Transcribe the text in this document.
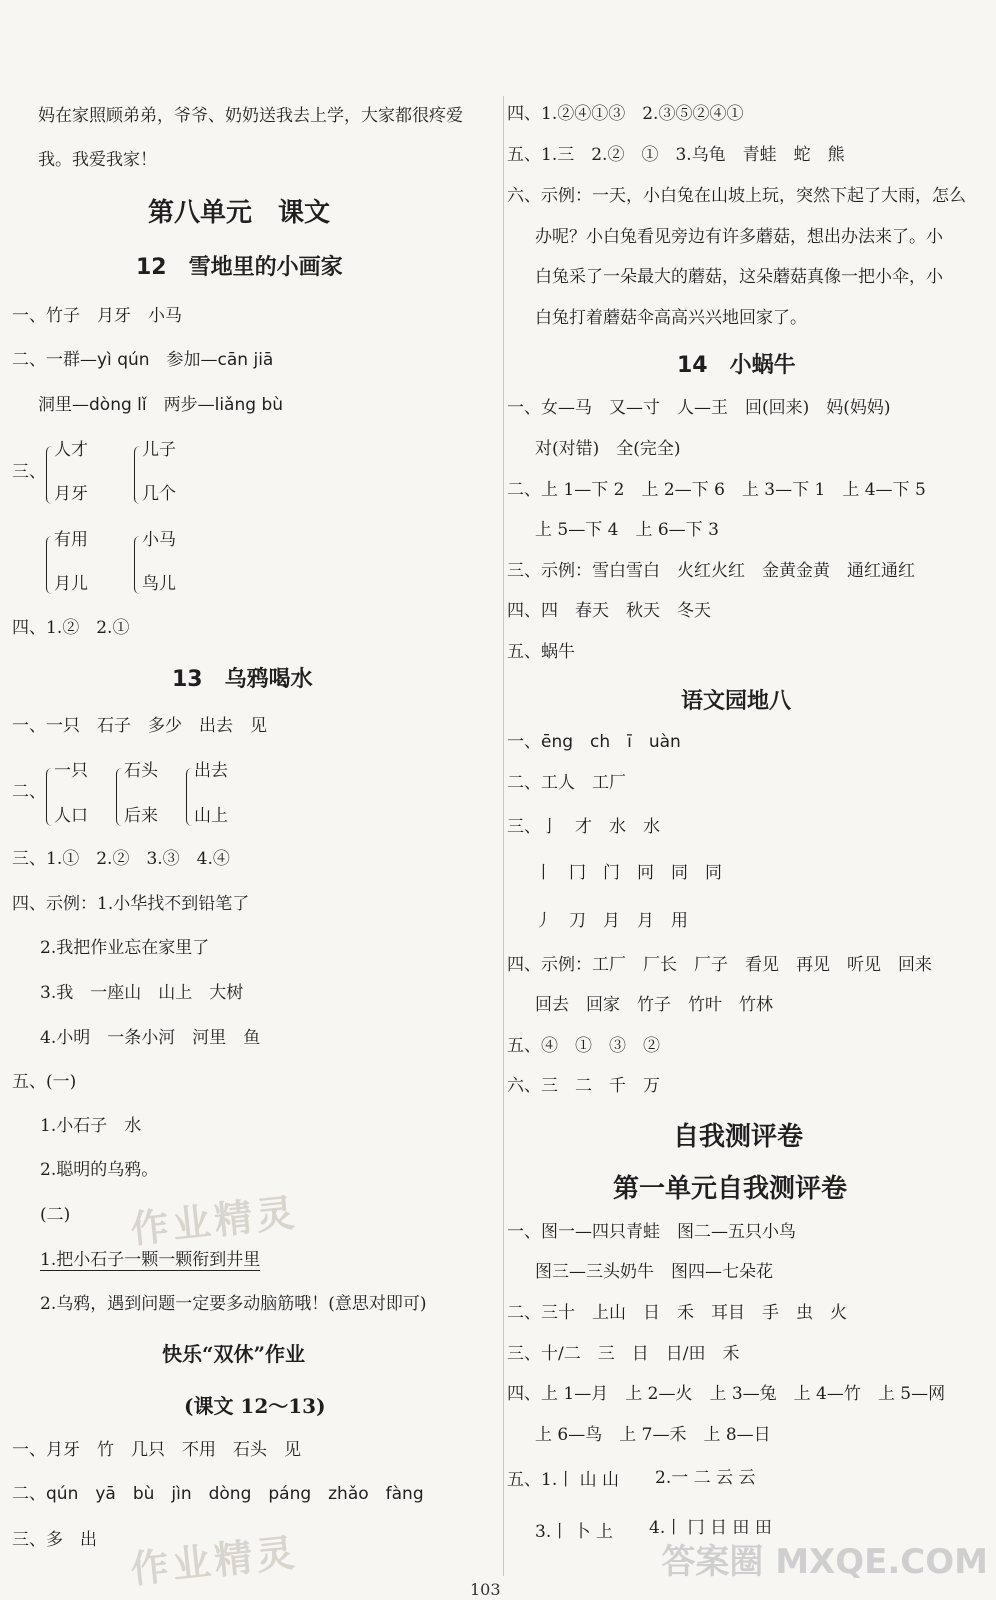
妈在家照顾弟弟，爷爷、奶奶送我去上学，大家都很疼爱
我。我爱我家！
第八单元　课文
12　雪地里的小画家
一、竹子　月牙　小马
二、一群—yì qún　 参加—cān jiā
洞里—dòng lǐ　 两步—liǎng bù
三、
人才
月牙
儿子
几个
有用
月儿
小马
鸟儿
四、1.②　2.①
13　乌鸦喝水
一、一只　石子　多少　出去　见
二、
一只
人口
石头
后来
出去
山上
三、1.①　2.②　3.③　4.④
四、示例：1.小华找不到铅笔了
2.我把作业忘在家里了
3.我　一座山　山上　大树
4.小明　一条小河　河里　鱼
五、(一)
1.小石子　水
2.聪明的乌鸦。
(二)
1.把小石子一颗一颗衔到井里
2.乌鸦，遇到问题一定要多动脑筋哦！(意思对即可)
快乐“双休”作业
(课文 12～13)
一、月牙　竹　几只　不用　石头　见
二、qún　yā　bù　jìn　dòng　páng　zhǎo　fàng
三、多　出
作业精灵
作业精灵
四、1.②④①③　2.③⑤②④①
五、1.三　2.②　①　3.乌龟　青蛙　蛇　熊
六、示例：一天，小白兔在山坡上玩，突然下起了大雨，怎么
办呢？小白兔看见旁边有许多蘑菇，想出办法来了。小
白兔采了一朵最大的蘑菇，这朵蘑菇真像一把小伞，小
白兔打着蘑菇伞高高兴兴地回家了。
14　小蜗牛
一、女—马　又—寸　人—王　回(回来)　妈(妈妈)
对(对错)　全(完全)
二、上 1—下 2　上 2—下 6　上 3—下 1　上 4—下 5
上 5—下 4　上 6—下 3
三、示例：雪白雪白　火红火红　金黄金黄　通红通红
四、四　春天　秋天　冬天
五、蜗牛
语文园地八
一、ēng　ch　ī　uàn
二、工人　工厂
三、亅　才　水　水
丨　冂　门　冋　同　同
丿　刀　月　月　用
四、示例：工厂　厂长　厂子　看见　再见　听见　回来
回去　回家　竹子　竹叶　竹林
五、④　①　③　②
六、三　二　千　万
自我测评卷
第一单元自我测评卷
一、图一—四只青蛙　图二—五只小鸟
图三—三头奶牛　图四—七朵花
二、三十　上山　日　禾　耳目　手　虫　火
三、十/二　三　日　日/田　禾
四、上 1—月　上 2—火　上 3—兔　上 4—竹　上 5—网
上 6—鸟　上 7—禾　上 8—日
五、1.丨 山 山 2.一 二 云 云
3.丨 卜 上 4.丨 冂 日 田 田
答案圈 MXQE.COM
103
